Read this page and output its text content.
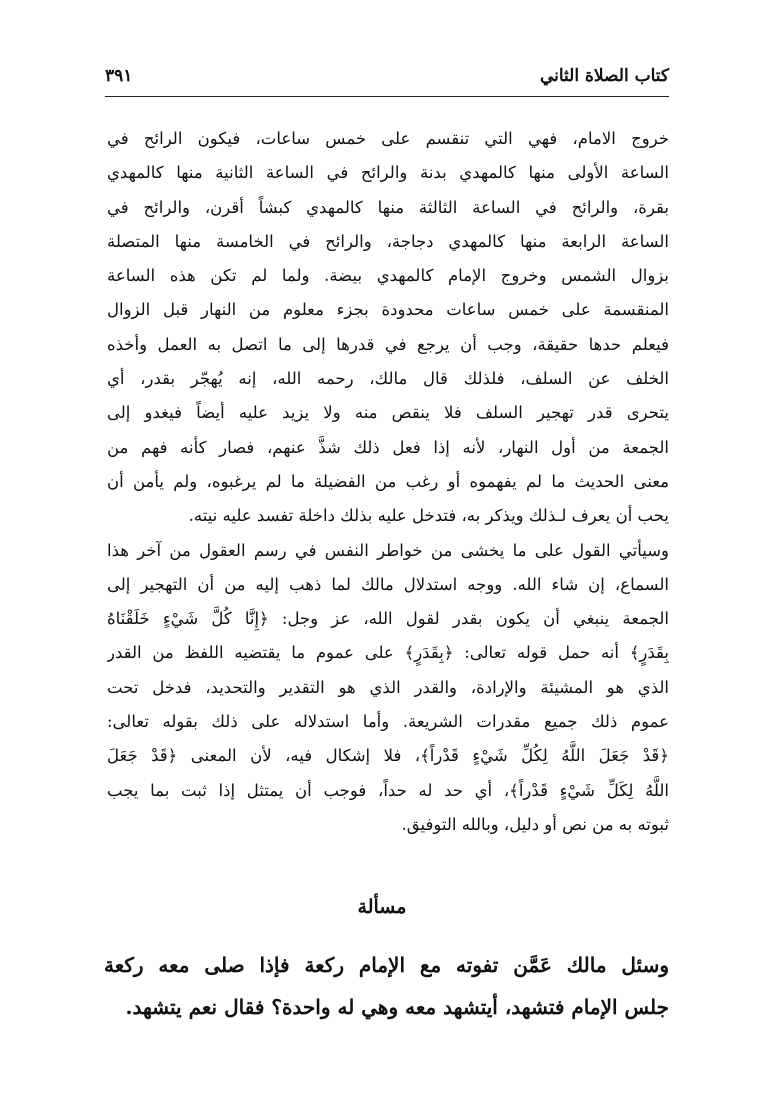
كتاب الصلاة الثاني
٣٩١
خروج الامام، فهي التي تنقسم على خمس ساعات، فيكون الرائح في
الساعة الأولى منها كالمهدي بدنة والرائح في الساعة الثانية منها كالمهدي
بقرة، والرائح في الساعة الثالثة منها كالمهدي كبشاً أقرن، والرائح في
الساعة الرابعة منها كالمهدي دجاجة، والرائح في الخامسة منها المتصلة
بزوال الشمس وخروج الإمام كالمهدي بيضة. ولما لم تكن هذه الساعة
المنقسمة على خمس ساعات محدودة بجزء معلوم من النهار قبل الزوال
فيعلم حدها حقيقة، وجب أن يرجع في قدرها إلى ما اتصل به العمل وأخذه
الخلف عن السلف، فلذلك قال مالك، رحمه الله، إنه يُهجّر بقدر، أي
يتحرى قدر تهجير السلف فلا ينقص منه ولا يزيد عليه أيضاً فيغدو إلى
الجمعة من أول النهار، لأنه إذا فعل ذلك شذَّ عنهم، فصار كأنه فهم من
معنى الحديث ما لم يفهموه أو رغب من الفضيلة ما لم يرغبوه، ولم يأمن أن
يحب أن يعرف لـذلك ويذكر به، فتدخل عليه بذلك داخلة تفسد عليه نيته.
وسيأتي القول على ما يخشى من خواطر النفس في رسم العقول من آخر هذا
السماع، إن شاء الله. ووجه استدلال مالك لما ذهب إليه من أن التهجير إلى
الجمعة ينبغي أن يكون بقدر لقول الله، عز وجل: ﴿إِنَّا كُلَّ شَيْءٍ خَلَقْنَاهُ
بِقَدَرٍ﴾ أنه حمل قوله تعالى: ﴿بِقَدَرٍ﴾ على عموم ما يقتضيه اللفظ من القدر
الذي هو المشيئة والإرادة، والقدر الذي هو التقدير والتحديد، فدخل تحت
عموم ذلك جميع مقدرات الشريعة. وأما استدلاله على ذلك بقوله تعالى:
﴿قَدْ جَعَلَ اللَّهُ لِكُلِّ شَيْءٍ قَدْراً﴾، فلا إشكال فيه، لأن المعنى ﴿قَدْ جَعَلَ
اللَّهُ لِكَلِّ شَيْءٍ قَدْراً﴾، أي حد له حداً، فوجب أن يمتثل إذا ثبت بما يجب
ثبوته به من نص أو دليل، وبالله التوفيق.
مسألة
وسئل مالك عَمَّن تفوته مع الإمام ركعة فإذا صلى معه ركعة
جلس الإمام فتشهد، أيتشهد معه وهي له واحدة؟ فقال نعم يتشهد.
